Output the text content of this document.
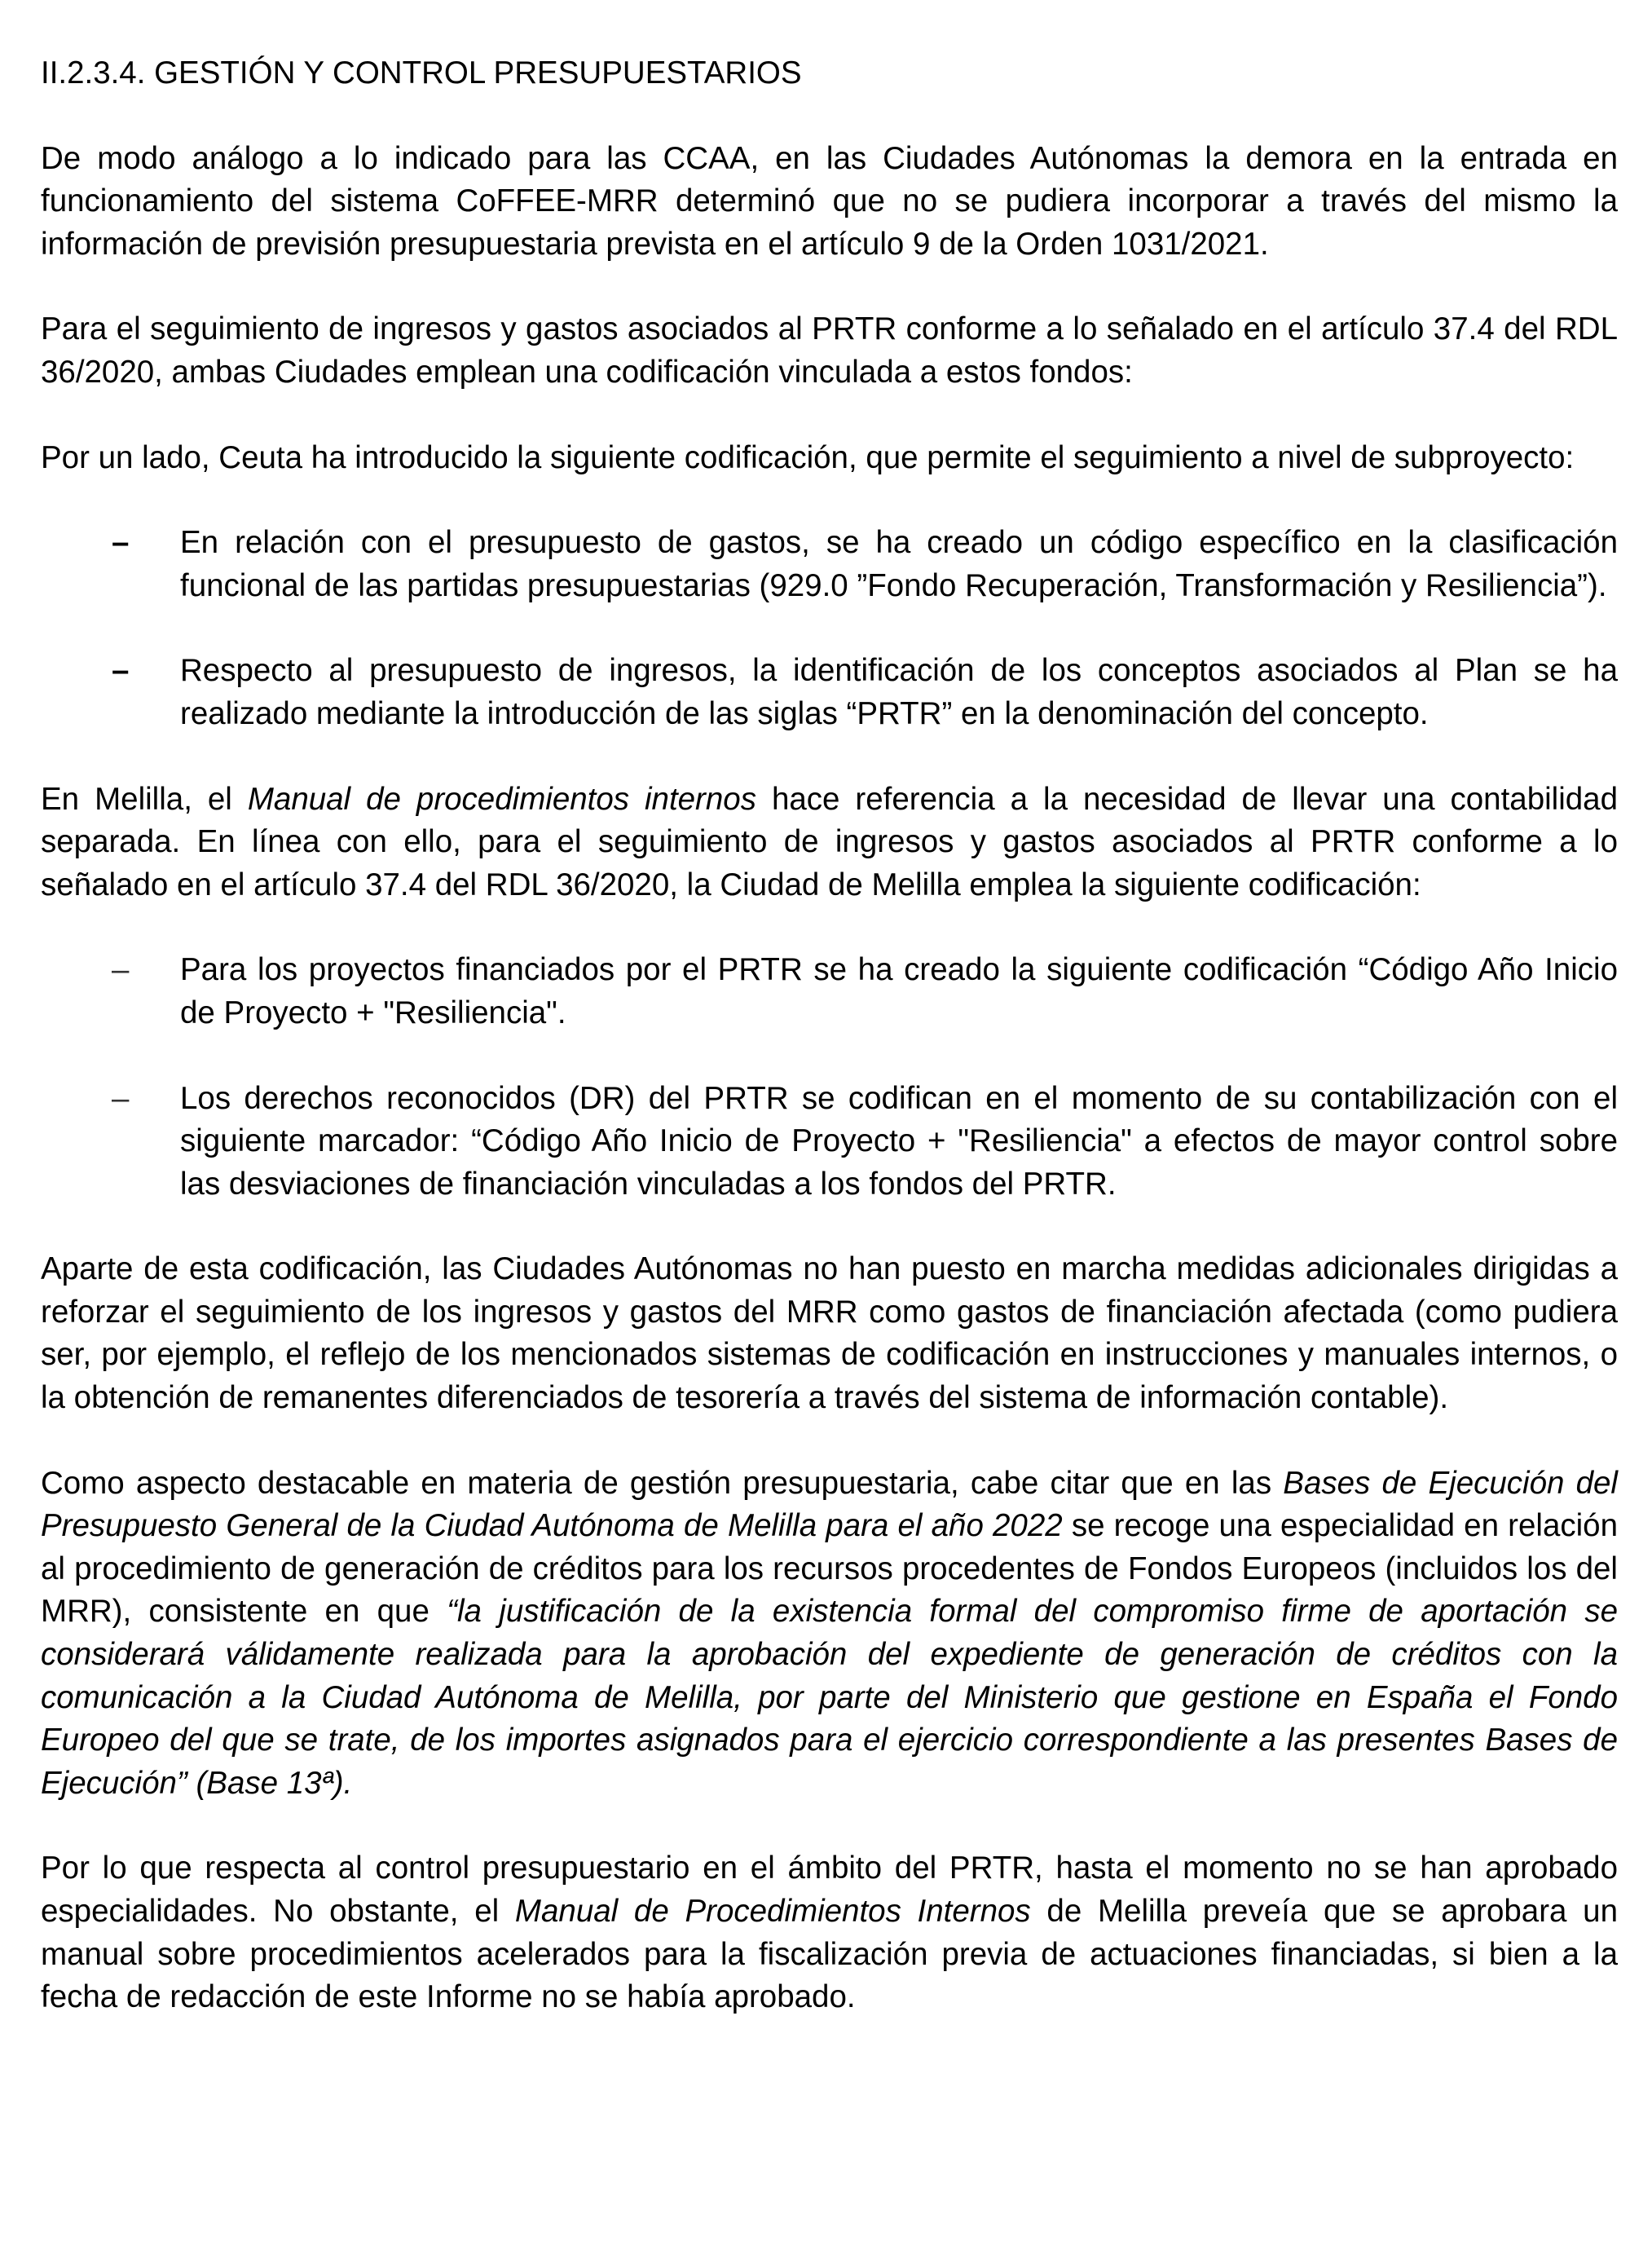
II.2.3.4. GESTIÓN Y CONTROL PRESUPUESTARIOS

De modo análogo a lo indicado para las CCAA, en las Ciudades Autónomas la demora en la entrada en funcionamiento del sistema CoFFEE-MRR determinó que no se pudiera incorporar a través del mismo la información de previsión presupuestaria prevista en el artículo 9 de la Orden 1031/2021.

Para el seguimiento de ingresos y gastos asociados al PRTR conforme a lo señalado en el artículo 37.4 del RDL 36/2020, ambas Ciudades emplean una codificación vinculada a estos fondos:

Por un lado, Ceuta ha introducido la siguiente codificación, que permite el seguimiento a nivel de subproyecto:

– En relación con el presupuesto de gastos, se ha creado un código específico en la clasificación funcional de las partidas presupuestarias (929.0 ”Fondo Recuperación, Transformación y Resiliencia”).
– Respecto al presupuesto de ingresos, la identificación de los conceptos asociados al Plan se ha realizado mediante la introducción de las siglas “PRTR” en la denominación del concepto.

En Melilla, el Manual de procedimientos internos hace referencia a la necesidad de llevar una contabilidad separada. En línea con ello, para el seguimiento de ingresos y gastos asociados al PRTR conforme a lo señalado en el artículo 37.4 del RDL 36/2020, la Ciudad de Melilla emplea la siguiente codificación:

– Para los proyectos financiados por el PRTR se ha creado la siguiente codificación “Código Año Inicio de Proyecto + "Resiliencia".
– Los derechos reconocidos (DR) del PRTR se codifican en el momento de su contabilización con el siguiente marcador: “Código Año Inicio de Proyecto + "Resiliencia" a efectos de mayor control sobre las desviaciones de financiación vinculadas a los fondos del PRTR.

Aparte de esta codificación, las Ciudades Autónomas no han puesto en marcha medidas adicionales dirigidas a reforzar el seguimiento de los ingresos y gastos del MRR como gastos de financiación afectada (como pudiera ser, por ejemplo, el reflejo de los mencionados sistemas de codificación en instrucciones y manuales internos, o la obtención de remanentes diferenciados de tesorería a través del sistema de información contable).

Como aspecto destacable en materia de gestión presupuestaria, cabe citar que en las Bases de Ejecución del Presupuesto General de la Ciudad Autónoma de Melilla para el año 2022 se recoge una especialidad en relación al procedimiento de generación de créditos para los recursos procedentes de Fondos Europeos (incluidos los del MRR), consistente en que “la justificación de la existencia formal del compromiso firme de aportación se considerará válidamente realizada para la aprobación del expediente de generación de créditos con la comunicación a la Ciudad Autónoma de Melilla, por parte del Ministerio que gestione en España el Fondo Europeo del que se trate, de los importes asignados para el ejercicio correspondiente a las presentes Bases de Ejecución” (Base 13ª).

Por lo que respecta al control presupuestario en el ámbito del PRTR, hasta el momento no se han aprobado especialidades. No obstante, el Manual de Procedimientos Internos de Melilla preveía que se aprobara un manual sobre procedimientos acelerados para la fiscalización previa de actuaciones financiadas, si bien a la fecha de redacción de este Informe no se había aprobado.
